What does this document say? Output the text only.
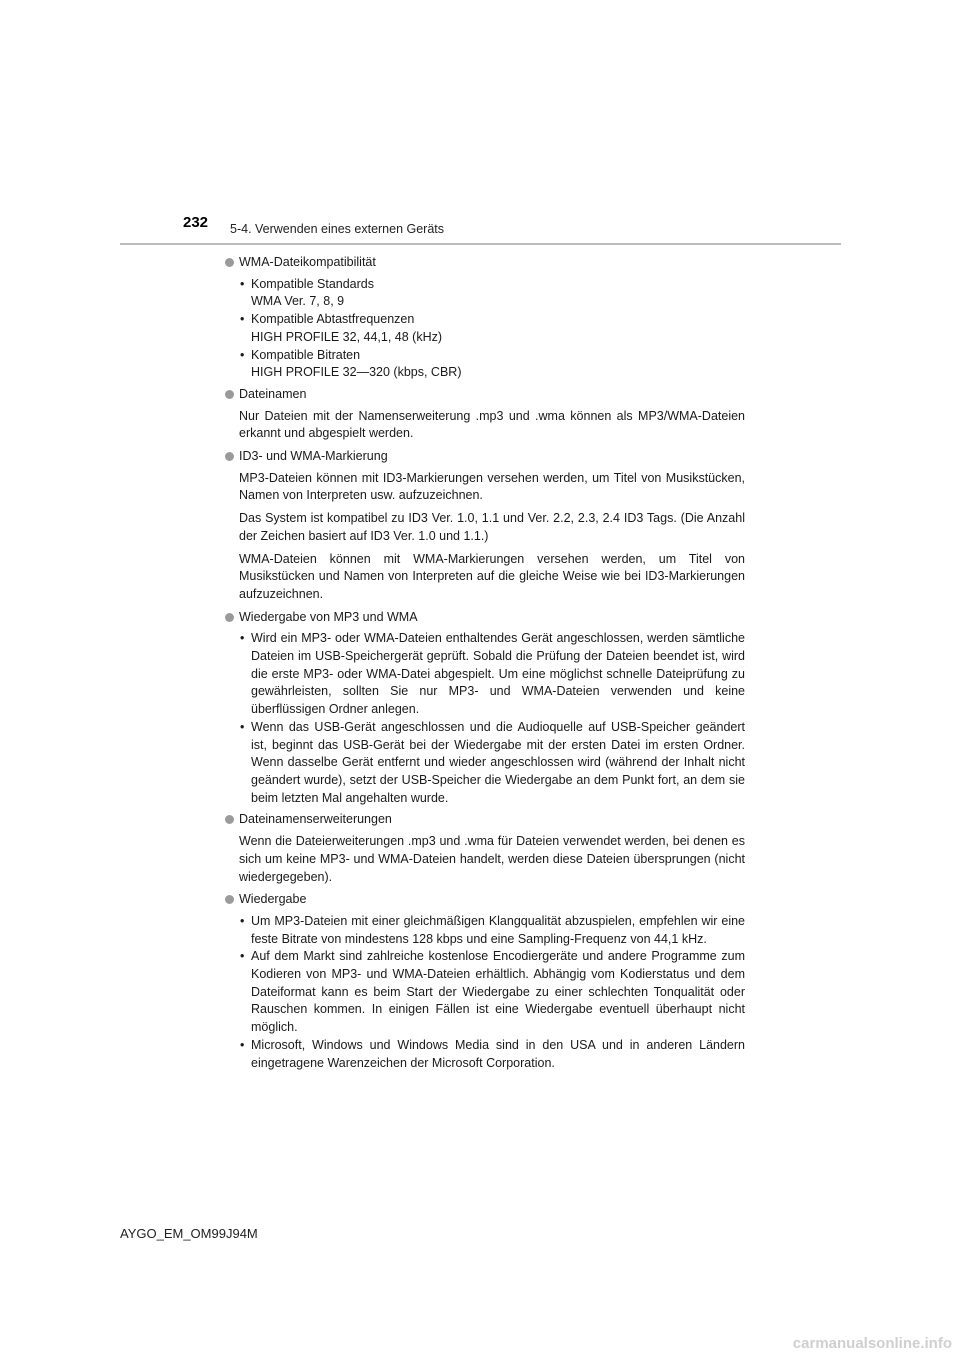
232 5-4. Verwenden eines externen Geräts
WMA-Dateikompatibilität
• Kompatible Standards
WMA Ver. 7, 8, 9
• Kompatible Abtastfrequenzen
HIGH PROFILE 32, 44,1, 48 (kHz)
• Kompatible Bitraten
HIGH PROFILE 32—320 (kbps, CBR)
Dateinamen
Nur Dateien mit der Namenserweiterung .mp3 und .wma können als MP3/WMA-Dateien erkannt und abgespielt werden.
ID3- und WMA-Markierung
MP3-Dateien können mit ID3-Markierungen versehen werden, um Titel von Musikstücken, Namen von Interpreten usw. aufzuzeichnen.
Das System ist kompatibel zu ID3 Ver. 1.0, 1.1 und Ver. 2.2, 2.3, 2.4 ID3 Tags. (Die Anzahl der Zeichen basiert auf ID3 Ver. 1.0 und 1.1.)
WMA-Dateien können mit WMA-Markierungen versehen werden, um Titel von Musikstücken und Namen von Interpreten auf die gleiche Weise wie bei ID3-Markierungen aufzuzeichnen.
Wiedergabe von MP3 und WMA
• Wird ein MP3- oder WMA-Dateien enthaltendes Gerät angeschlossen, werden sämtliche Dateien im USB-Speichergerät geprüft. Sobald die Prüfung der Dateien beendet ist, wird die erste MP3- oder WMA-Datei abgespielt. Um eine möglichst schnelle Dateiprüfung zu gewährleisten, sollten Sie nur MP3- und WMA-Dateien verwenden und keine überflüssigen Ordner anlegen.
• Wenn das USB-Gerät angeschlossen und die Audioquelle auf USB-Speicher geändert ist, beginnt das USB-Gerät bei der Wiedergabe mit der ersten Datei im ersten Ordner. Wenn dasselbe Gerät entfernt und wieder angeschlossen wird (während der Inhalt nicht geändert wurde), setzt der USB-Speicher die Wiedergabe an dem Punkt fort, an dem sie beim letzten Mal angehalten wurde.
Dateinamenserweiterungen
Wenn die Dateierweiterungen .mp3 und .wma für Dateien verwendet werden, bei denen es sich um keine MP3- und WMA-Dateien handelt, werden diese Dateien übersprungen (nicht wiedergegeben).
Wiedergabe
• Um MP3-Dateien mit einer gleichmäßigen Klangqualität abzuspielen, empfehlen wir eine feste Bitrate von mindestens 128 kbps und eine Sampling-Frequenz von 44,1 kHz.
• Auf dem Markt sind zahlreiche kostenlose Encodiergeräte und andere Programme zum Kodieren von MP3- und WMA-Dateien erhältlich. Abhängig vom Kodierstatus und dem Dateiformat kann es beim Start der Wiedergabe zu einer schlechten Tonqualität oder Rauschen kommen. In einigen Fällen ist eine Wiedergabe eventuell überhaupt nicht möglich.
• Microsoft, Windows und Windows Media sind in den USA und in anderen Ländern eingetragene Warenzeichen der Microsoft Corporation.
AYGO_EM_OM99J94M
carmanualsonline.info
